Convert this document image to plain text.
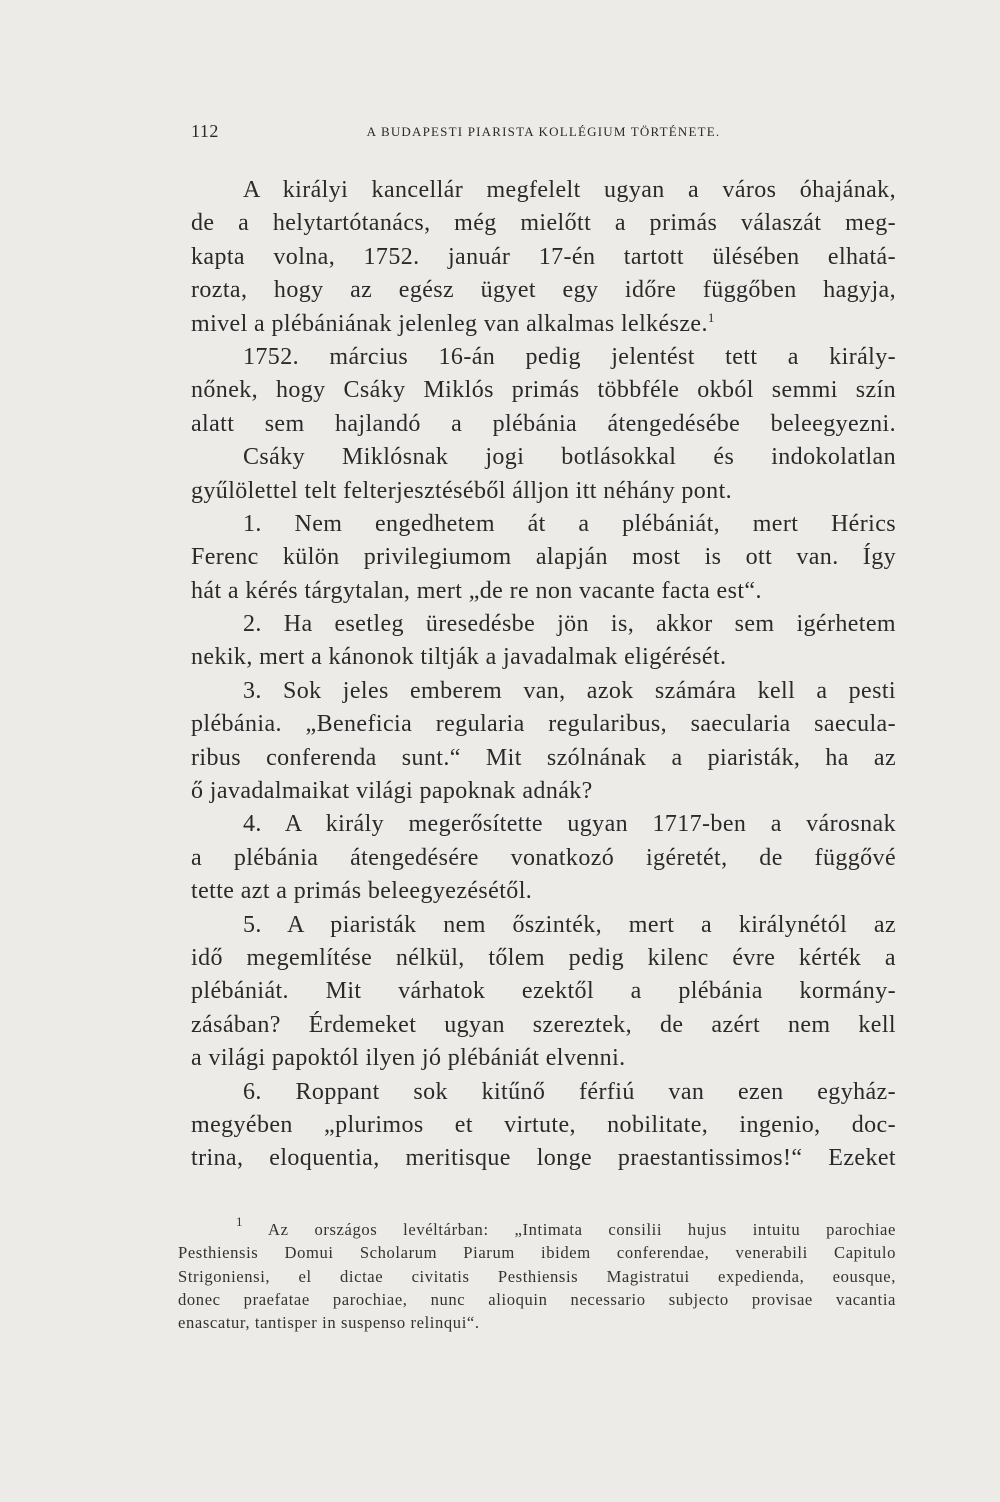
112	A BUDAPESTI PIARISTA KOLLÉGIUM TÖRTÉNETE.
A királyi kancellár megfelelt ugyan a város óhajának,
de a helytartótanács, még mielőtt a primás válaszát meg-
kapta volna, 1752. január 17-én tartott ülésében elhatá-
rozta, hogy az egész ügyet egy időre függőben hagyja,
mivel a plébániának jelenleg van alkalmas lelkésze.$^1$
1752. március 16-án pedig jelentést tett a király-
nőnek, hogy Csáky Miklós primás többféle okból semmi szín
alatt sem hajlandó a plébánia átengedésébe beleegyezni.
Csáky Miklósnak jogi botlásokkal és indokolatlan
gyűlölettel telt felterjesztéséből álljon itt néhány pont.
1. Nem engedhetem át a plébániát, mert Hérics
Ferenc külön privilegiumom alapján most is ott van. Így
hát a kérés tárgytalan, mert „de re non vacante facta est“.
2. Ha esetleg üresedésbe jön is, akkor sem igérhetem
nekik, mert a kánonok tiltják a javadalmak eligérését.
3. Sok jeles emberem van, azok számára kell a pesti
plébánia. „Beneficia regularia regularibus, saecularia saecula-
ribus conferenda sunt.“ Mit szólnának a piaristák, ha az
ő javadalmaikat világi papoknak adnák?
4. A király megerősítette ugyan 1717-ben a városnak
a plébánia átengedésére vonatkozó igéretét, de függővé
tette azt a primás beleegyezésétől.
5. A piaristák nem őszinték, mert a királynétól az
idő megemlítése nélkül, tőlem pedig kilenc évre kérték a
plébániát. Mit várhatok ezektől a plébánia kormány-
zásában? Érdemeket ugyan szereztek, de azért nem kell
a világi papoktól ilyen jó plébániát elvenni.
6. Roppant sok kitűnő férfiú van ezen egyház-
megyében „plurimos et virtute, nobilitate, ingenio, doc-
trina, eloquentia, meritisque longe praestantissimos!“ Ezeket
$^1$ Az országos levéltárban: „Intimata consilii hujus intuitu parochiae
Pesthiensis Domui Scholarum Piarum ibidem conferendae, venerabili Capitulo
Strigoniensi, el dictae civitatis Pesthiensis Magistratui expedienda, eousque,
donec praefatae parochiae, nunc alioquin necessario subjecto provisae vacantia
enascatur, tantisper in suspenso relinqui“.
